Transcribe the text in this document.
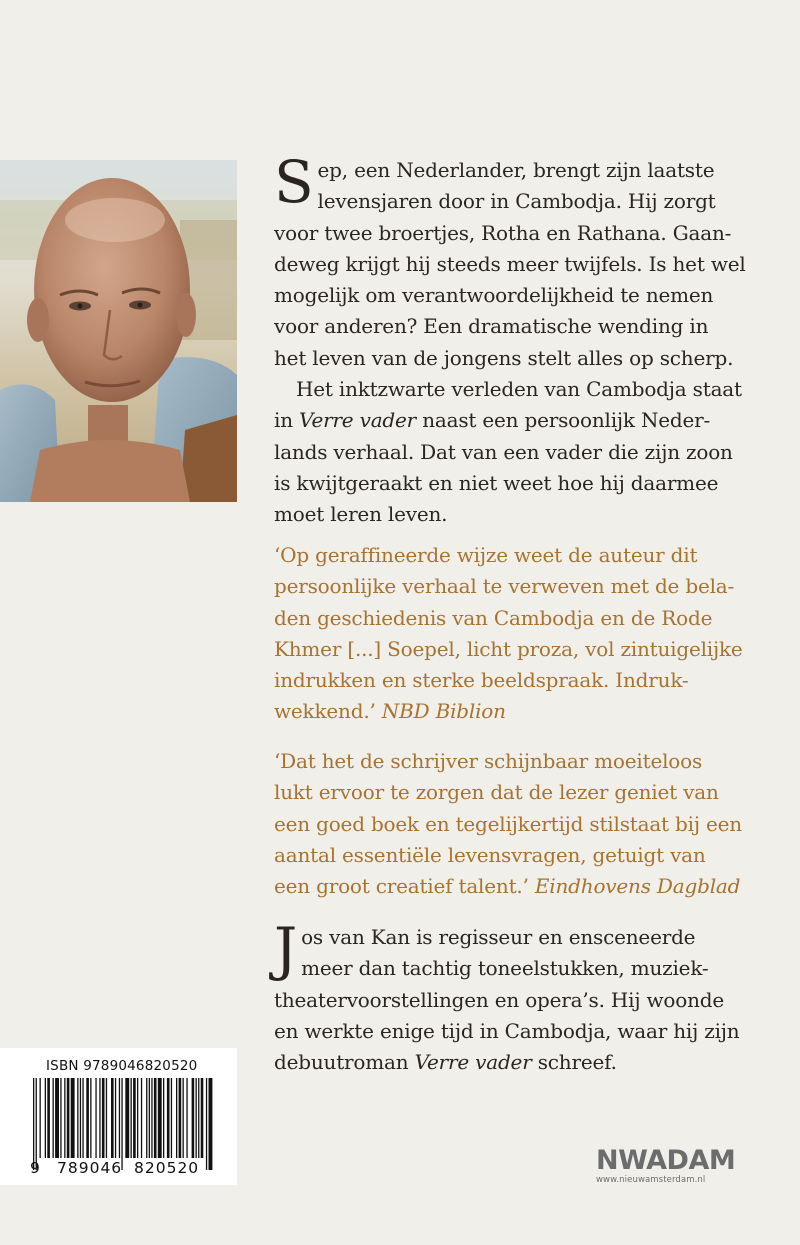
S ep, een Nederlander, brengt zijn laatste
levensjaren door in Cambodja. Hij zorgt
voor twee broertjes, Rotha en Rathana. Gaan-
deweg krijgt hij steeds meer twijfels. Is het wel
mogelijk om verantwoordelijkheid te nemen
voor anderen? Een dramatische wending in
het leven van de jongens stelt alles op scherp.
Het inktzwarte verleden van Cambodja staat
in Verre vader naast een persoonlijk Neder-
lands verhaal. Dat van een vader die zijn zoon
is kwijtgeraakt en niet weet hoe hij daarmee
moet leren leven.
‘Op geraffineerde wijze weet de auteur dit
persoonlijke verhaal te verweven met de bela-
den geschiedenis van Cambodja en de Rode
Khmer [...] Soepel, licht proza, vol zintuigelijke
indrukken en sterke beeldspraak. Indruk-
wekkend.’ NBD Biblion
‘Dat het de schrijver schijnbaar moeiteloos
lukt ervoor te zorgen dat de lezer geniet van
een goed boek en tegelijkertijd stilstaat bij een
aantal essentiële levensvragen, getuigt van
een groot creatief talent.’ Eindhovens Dagblad
J os van Kan is regisseur en ensceneerde
meer dan tachtig toneelstukken, muziek-
theatervoorstellingen en opera’s. Hij woonde
en werkte enige tijd in Cambodja, waar hij zijn
debuutroman Verre vader schreef.
ISBN 9789046820520
9 789046 820520	NWADAM
www.nieuwamsterdam.nl
